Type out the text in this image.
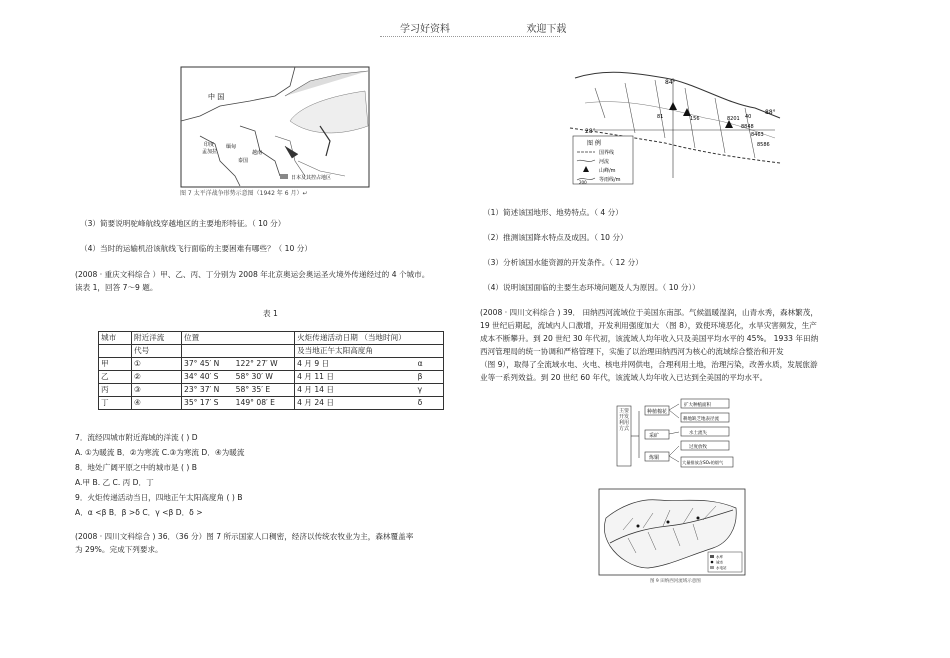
学习好资料	欢迎下载
中 国
印度
孟加拉
缅甸
泰国
越南
日本及其控占地区
图 7 太平洋战争形势示意图（1942 年 6 月）↵
（3）简要说明驼峰航线穿越地区的主要地形特征。（ 10 分）
（4）当时的运输机沿该航线飞行面临的主要困难有哪些？（ 10 分）
(2008 · 重庆文科综合 ）甲、乙、丙、丁分别为 2008 年北京奥运会奥运圣火境外传递经过的 4 个城市。
读表 1，回答 7～9 题。
表 1
城市	附近洋流	位置		火炬传递活动日期 （当地时间）	
	代号			及当地正午太阳高度角	
甲	①	37° 45′ N	122° 27′ W	4 月 9 日	α
乙	②	34° 40′ S	58° 30′ W	4 月 11 日	β
丙	③	23° 37′ N	58° 35′ E	4 月 14 日	γ
丁	④	35° 17′ S	149° 08′ E	4 月 24 日	δ
7．流经四城市附近海域的洋流 ( ) D
A. ①为暖流 B．②为寒流 C.③为寒流 D．④为暖流
8．地处广阔平原之中的城市是 ( ) B
A.甲 B. 乙 C. 丙 D．丁
9．火炬传递活动当日，四地正午太阳高度角 ( ) B
A．α <β B．β >δ C．γ <β D．δ >
(2008 · 四川文科综合 ) 36．（36 分）图 7 所示国家人口稠密，经济以传统农牧业为主，森林覆盖率
为 29%。完成下列要求。
84°
88°
8848
8201
8463
8586
28°
81	156	40
图 例
国界线
河流
山峰/m
200 等雨线/m
（1）简述该国地形、地势特点。（ 4 分）
（2）推测该国降水特点及成因。（ 10 分）
（3）分析该国水能资源的开发条件。（ 12 分）
（4）说明该国面临的主要生态环境问题及人为原因。（ 10 分））
(2008 · 四川文科综合 ) 39． 田纳西河流域位于美国东南部。气候温暖湿润，山青水秀，森林繁茂，
19 世纪后期起，流域内人口激增，开发利用强度加大 （图 8），致使环境恶化，水旱灾害频发，生产
成本不断攀升。到 20 世纪 30 年代初，该流域人均年收入只及美国平均水平的 45%。 1933 年田纳
西河管理局的统一协调和严格管理下，实施了以治理田纳西河为核心的流域综合整治和开发
（图 9），取得了全流域水电、火电、核电并网供电，合理利用土地，治理污染，改善水质，发展旅游
业等一系列效益。到 20 世纪 60 年代，该流域人均年收入已达到全美国的平均水平。
主要开发利用方式
种植棉花
采矿
炼铜
扩大种植面积
耕地缺乏地表径流
水土流失
过度放牧
大量排放含SO₂的烟气
水库
城市
水电站
图 9 田纳西河流域示意图
